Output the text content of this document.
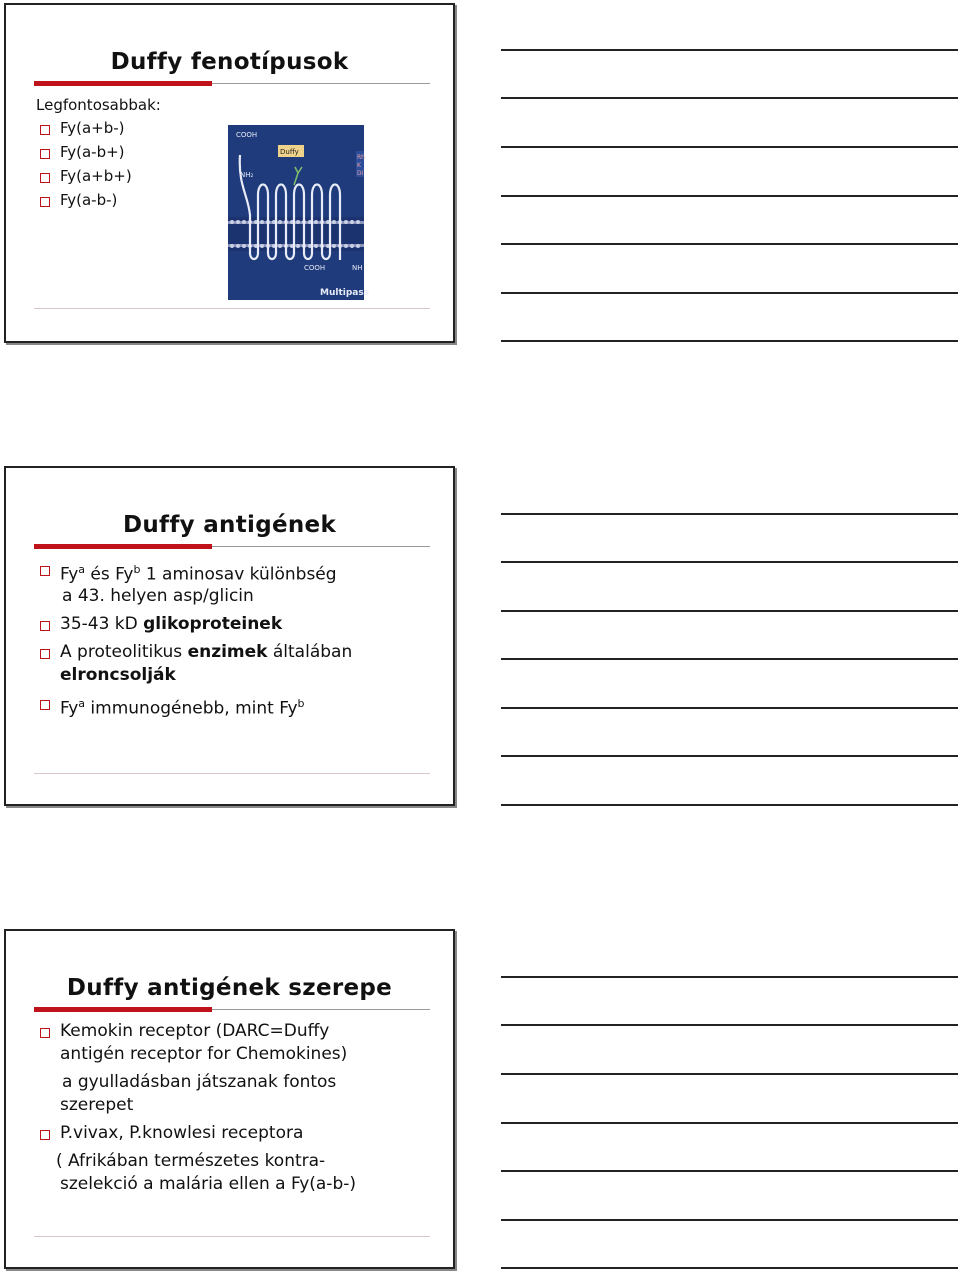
Duffy fenotípusok
Legfontosabbak:
Fy(a+b-)
Fy(a-b+)
Fy(a+b+)
Fy(a-b-)
Duffy
COOH
NH₂
COOH	NH
Multipass
Rh
K
Di
Duffy antigének
Fy$^a$ és Fy$^b$ 1 aminosav különbség
a 43. helyen asp/glicin
35-43 kD glikoproteinek
A proteolitikus enzimek általában
elroncsolják
Fy$^a$ immunogénebb, mint Fy$^b$
Duffy antigének szerepe
Kemokin receptor (DARC=Duffy
antigén receptor for Chemokines)
a gyulladásban játszanak fontos
szerepet
P.vivax, P.knowlesi receptora
( Afrikában természetes kontra-
szelekció a malária ellen a Fy(a-b-)
